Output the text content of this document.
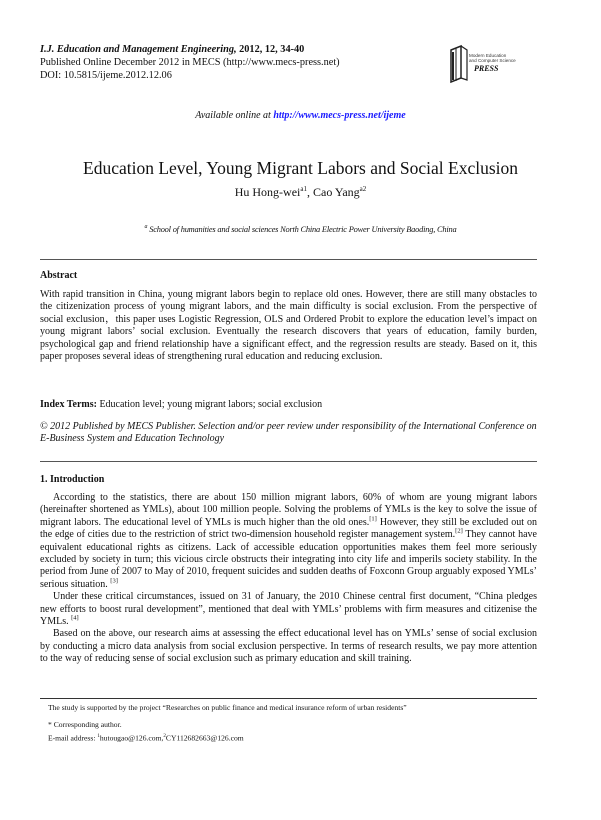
I.J. Education and Management Engineering, 2012, 12, 34-40
Published Online December 2012 in MECS (http://www.mecs-press.net)
DOI: 10.5815/ijeme.2012.12.06
Modern Education
and Computer Science
PRESS
Available online at http://www.mecs-press.net/ijeme
Education Level, Young Migrant Labors and Social Exclusion
Hu Hong-wei$^{a1}$, Cao Yang$^{a2}$
$^a$ School of humanities and social sciences North China Electric Power University Baoding, China
Abstract
With rapid transition in China, young migrant labors begin to replace old ones. However, there are still many obstacles to the citizenization process of young migrant labors, and the main difficulty is social exclusion. From the perspective of social exclusion，this paper uses Logistic Regression, OLS and Ordered Probit to explore the education level’s impact on young migrant labors’ social exclusion. Eventually the research discovers that years of education, family burden, psychological gap and friend relationship have a significant effect, and the regression results are steady. Based on it, this paper proposes several ideas of strengthening rural education and reducing exclusion.
Index Terms: Education level; young migrant labors; social exclusion
© 2012 Published by MECS Publisher. Selection and/or peer review under responsibility of the International Conference on E-Business System and Education Technology
1. Introduction

According to the statistics, there are about 150 million migrant labors, 60% of whom are young migrant labors (hereinafter shortened as YMLs), about 100 million people. Solving the problems of YMLs is the key to solve the issue of migrant labors. The educational level of YMLs is much higher than the old ones.[1] However, they still be excluded out on the edge of cities due to the restriction of strict two-dimension household register management system.[2] They cannot have equivalent educational rights as citizens. Lack of accessible education opportunities makes them feel more seriously excluded by society in turn; this vicious circle obstructs their integrating into city life and imperils society stability. In the period from June of 2007 to May of 2010, frequent suicides and sudden deaths of Foxconn Group arguably exposed YMLs’ serious situation. [3]

Under these critical circumstances, issued on 31 of January, the 2010 Chinese central first document, “China pledges new efforts to boost rural development”, mentioned that deal with YMLs’ problems with firm measures and citizenise the YMLs. [4]

Based on the above, our research aims at assessing the effect educational level has on YMLs’ sense of social exclusion by conducting a micro data analysis from social exclusion perspective. In terms of research results, we pay more attention to the way of reducing sense of social exclusion such as primary education and skill training.

The study is supported by the project “Researches on public finance and medical insurance reform of urban residents”
* Corresponding author.
E-mail address: $^1$hutougao@126.com,$^2$CY112682663@126.com
